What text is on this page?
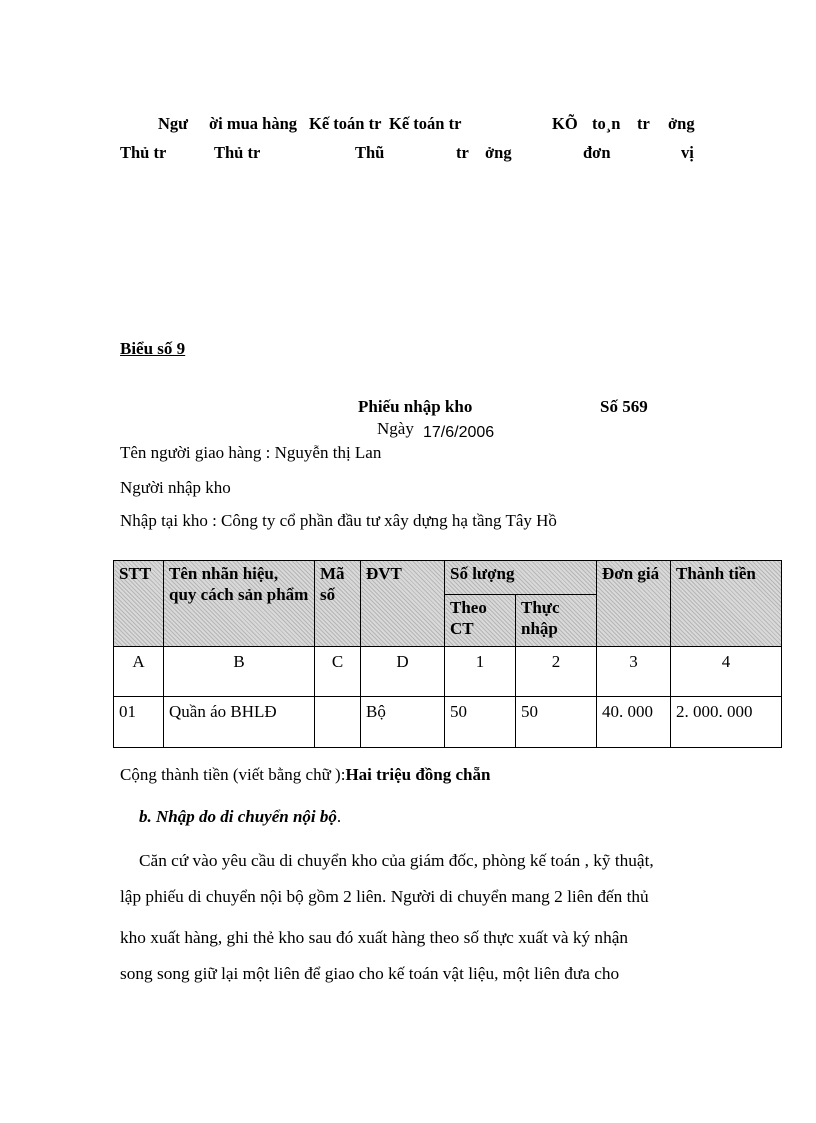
Ngư ời mua hàng Kế toán tr Kế toán tr	KÕ to¸n tr ởng
Thủ tr	Thủ tr	Thũ	tr ởng	đơn	vị
Biểu số 9
Phiếu nhập kho	Số 569
Ngày 17/6/2006
Tên người giao hàng : Nguyễn thị Lan
Người nhập kho
Nhập tại kho : Công ty cổ phần đầu tư xây dựng hạ tầng Tây Hồ
STT	Tên nhãn hiệu, quy cách sản phẩm	Mã số	ĐVT	Số lượng		Đơn giá	Thành tiền
				Theo CT	Thực nhập		
A	B	C	D	1	2	3	4
01	Quần áo BHLĐ		Bộ	50	50	40. 000	2. 000. 000
Cộng thành tiền (viết bằng chữ ):Hai triệu đồng chẵn
b. Nhập do di chuyển nội bộ.
Căn cứ vào yêu cầu di chuyển kho của giám đốc, phòng kế toán , kỹ thuật,
lập phiếu di chuyển nội bộ gồm 2 liên. Người di chuyển mang 2 liên đến thủ
kho xuất hàng, ghi thẻ kho sau đó xuất hàng theo số thực xuất và ký nhận
song song giữ lại một liên để giao cho kế toán vật liệu, một liên đưa cho
